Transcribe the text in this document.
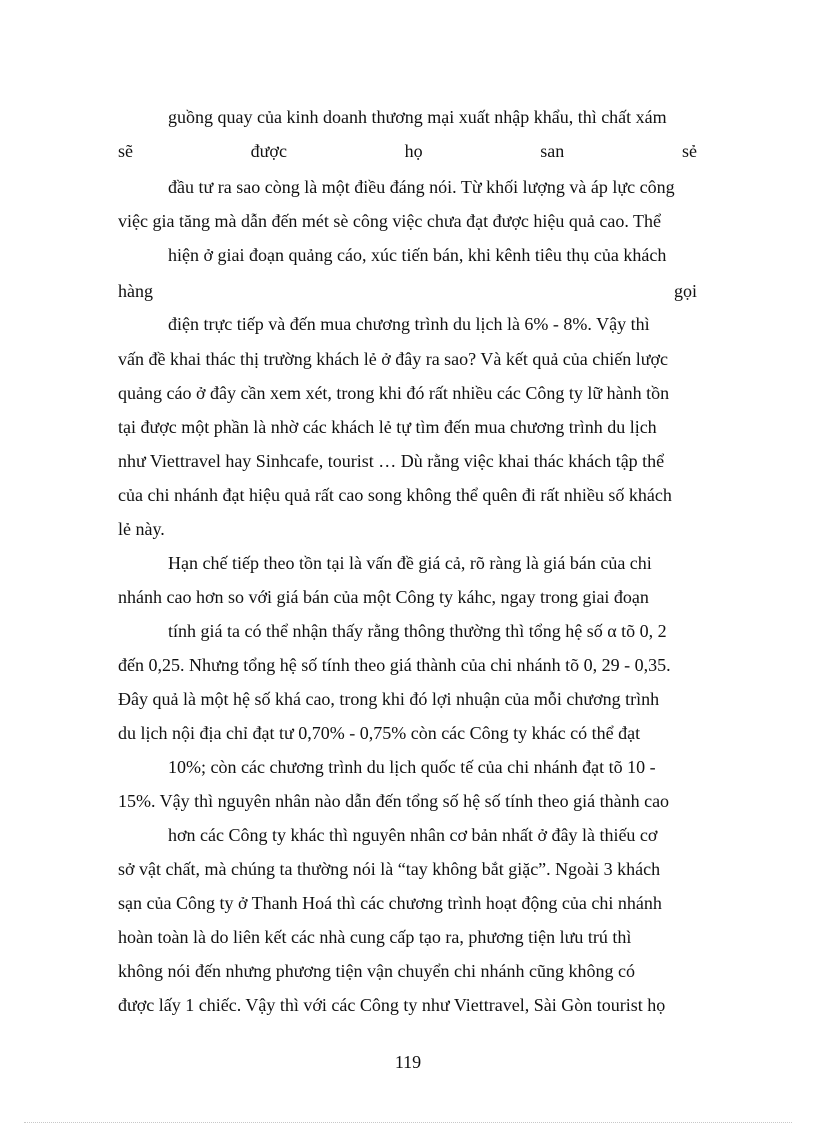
guồng quay của kinh doanh thương mại xuất nhập khẩu, thì chất xám
sẽ	được	họ	san	sẻ
đầu tư ra sao còng là một điều đáng nói. Từ khối lượng và áp lực công
việc gia tăng mà dẫn đến mét sè công việc chưa đạt được hiệu quả cao. Thể
hiện ở giai đoạn quảng cáo, xúc tiến bán, khi kênh tiêu thụ của khách
hàng	gọi
điện trực tiếp và đến mua chương trình du lịch là 6% - 8%. Vậy thì
vấn đề khai thác thị trường khách lẻ ở đây ra sao? Và kết quả của chiến lược
quảng cáo ở đây cần xem xét, trong khi đó rất nhiều các Công ty lữ hành tồn
tại được một phần là nhờ các khách lẻ tự tìm đến mua chương trình du lịch
như Viettravel hay Sinhcafe, tourist … Dù rằng việc khai thác khách tập thể
của chi nhánh đạt hiệu quả rất cao song không thể quên đi rất nhiều số khách
lẻ này.
Hạn chế tiếp theo tồn tại là vấn đề giá cả, rõ ràng là giá bán của chi
nhánh cao hơn so với giá bán của một Công ty káhc, ngay trong giai đoạn
tính giá ta có thể nhận thấy rằng thông thường thì tổng hệ số α tõ 0, 2
đến 0,25. Nhưng tổng hệ số tính theo giá thành của chi nhánh tõ 0, 29 - 0,35.
Đây quả là một hệ số khá cao, trong khi đó lợi nhuận của mỗi chương trình
du lịch nội địa chỉ đạt tư 0,70% - 0,75% còn các Công ty khác có thể đạt
10%; còn các chương trình du lịch quốc tế của chi nhánh đạt tõ 10 -
15%. Vậy thì nguyên nhân nào dẫn đến tổng số hệ số tính theo giá thành cao
hơn các Công ty khác thì nguyên nhân cơ bản nhất ở đây là thiếu cơ
sở vật chất, mà chúng ta thường nói là “tay không bắt giặc”. Ngoài 3 khách
sạn của Công ty ở Thanh Hoá thì các chương trình hoạt động của chi nhánh
hoàn toàn là do liên kết các nhà cung cấp tạo ra, phương tiện lưu trú thì
không nói đến nhưng phương tiện vận chuyển chi nhánh cũng không có
được lấy 1 chiếc. Vậy thì với các Công ty như Viettravel, Sài Gòn tourist họ
119
